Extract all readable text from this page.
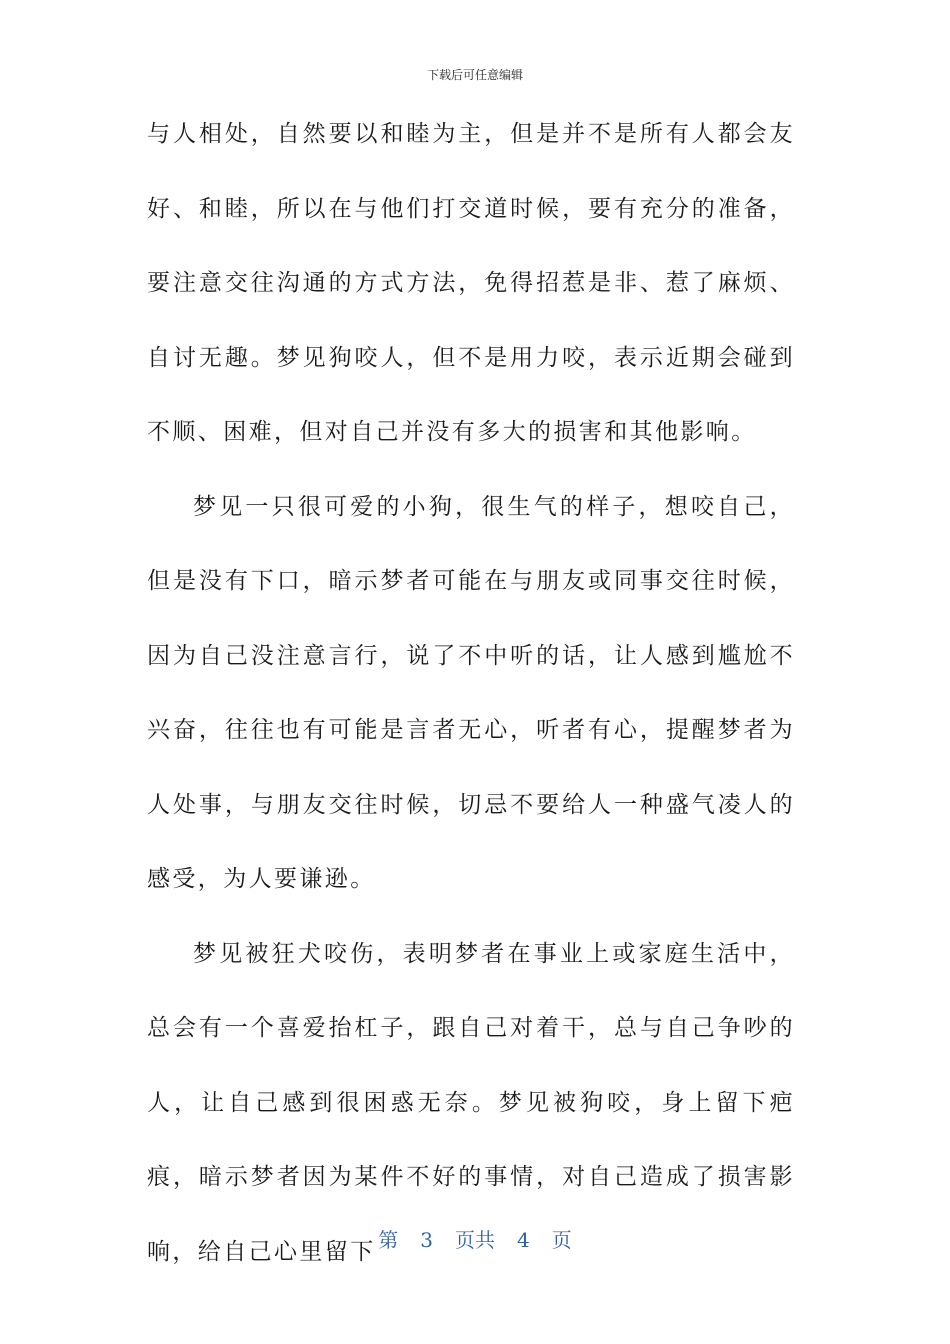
下载后可任意编辑

与人相处，自然要以和睦为主，但是并不是所有人都会友好、和睦，所以在与他们打交道时候，要有充分的准备，要注意交往沟通的方式方法，免得招惹是非、惹了麻烦、自讨无趣。梦见狗咬人，但不是用力咬，表示近期会碰到不顺、困难，但对自己并没有多大的损害和其他影响。

梦见一只很可爱的小狗，很生气的样子，想咬自己，但是没有下口，暗示梦者可能在与朋友或同事交往时候，因为自己没注意言行，说了不中听的话，让人感到尴尬不兴奋，往往也有可能是言者无心，听者有心，提醒梦者为人处事，与朋友交往时候，切忌不要给人一种盛气凌人的感受，为人要谦逊。

梦见被狂犬咬伤，表明梦者在事业上或家庭生活中，总会有一个喜爱抬杠子，跟自己对着干，总与自己争吵的人，让自己感到很困惑无奈。梦见被狗咬，身上留下疤痕，暗示梦者因为某件不好的事情，对自己造成了损害影响，给自己心里留下 第 3 页共 4 页
